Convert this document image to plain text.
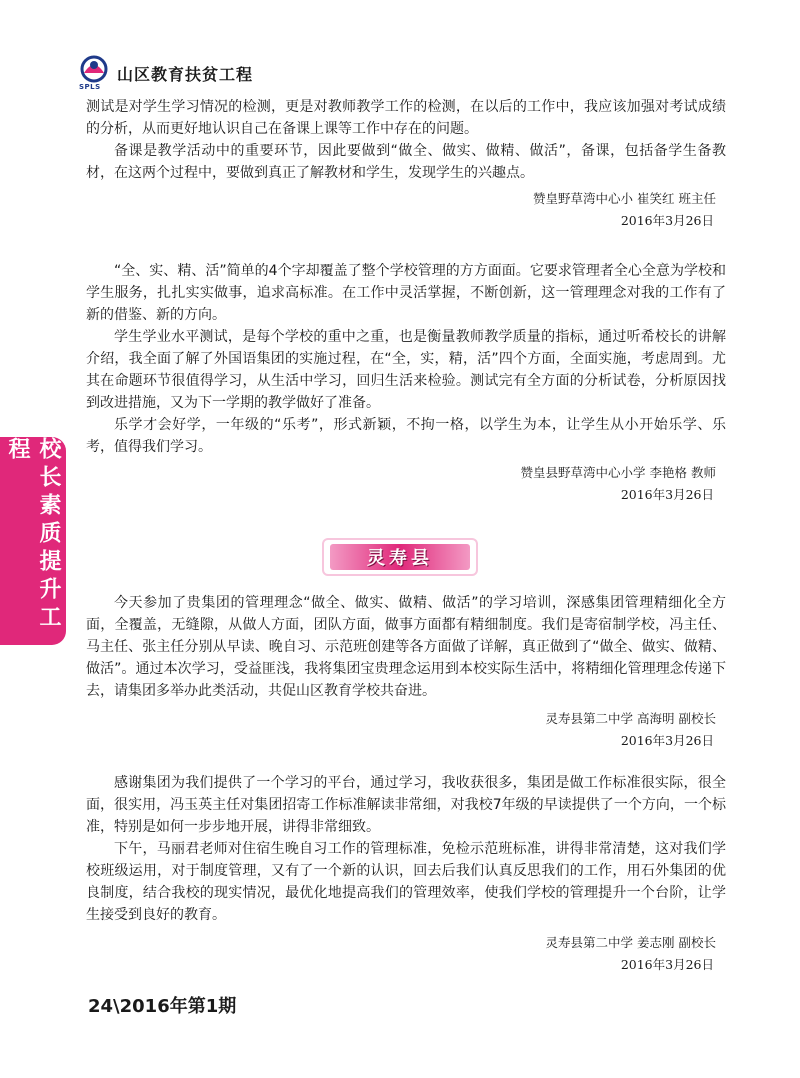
SPLS
山区教育扶贫工程
校长素质提升工程

测试是对学生学习情况的检测，更是对教师教学工作的检测，在以后的工作中，我应该加强对考试成绩的分析，从而更好地认识自己在备课上课等工作中存在的问题。

备课是教学活动中的重要环节，因此要做到“做全、做实、做精、做活”，备课，包括备学生备教材，在这两个过程中，要做到真正了解教材和学生，发现学生的兴趣点。

赞皇野草湾中心小 崔笑红 班主任
2016年3月26日

“全、实、精、活”简单的4个字却覆盖了整个学校管理的方方面面。它要求管理者全心全意为学校和学生服务，扎扎实实做事，追求高标准。在工作中灵活掌握，不断创新，这一管理理念对我的工作有了新的借鉴、新的方向。

学生学业水平测试，是每个学校的重中之重，也是衡量教师教学质量的指标，通过听希校长的讲解介绍，我全面了解了外国语集团的实施过程，在“全，实，精，活”四个方面，全面实施，考虑周到。尤其在命题环节很值得学习，从生活中学习，回归生活来检验。测试完有全方面的分析试卷，分析原因找到改进措施，又为下一学期的教学做好了准备。

乐学才会好学，一年级的“乐考”，形式新颖，不拘一格，以学生为本，让学生从小开始乐学、乐考，值得我们学习。

赞皇县野草湾中心小学 李艳格 教师
2016年3月26日
灵寿县

今天参加了贵集团的管理理念“做全、做实、做精、做活”的学习培训，深感集团管理精细化全方面，全覆盖，无缝隙，从做人方面，团队方面，做事方面都有精细制度。我们是寄宿制学校，冯主任、马主任、张主任分别从早读、晚自习、示范班创建等各方面做了详解，真正做到了“做全、做实、做精、做活”。通过本次学习，受益匪浅，我将集团宝贵理念运用到本校实际生活中，将精细化管理理念传递下去，请集团多举办此类活动，共促山区教育学校共奋进。

灵寿县第二中学 高海明 副校长
2016年3月26日

感谢集团为我们提供了一个学习的平台，通过学习，我收获很多，集团是做工作标准很实际，很全面，很实用，冯玉英主任对集团招寄工作标准解读非常细，对我校7年级的早读提供了一个方向，一个标准，特别是如何一步步地开展，讲得非常细致。

下午，马丽君老师对住宿生晚自习工作的管理标准，免检示范班标准，讲得非常清楚，这对我们学校班级运用，对于制度管理，又有了一个新的认识，回去后我们认真反思我们的工作，用石外集团的优良制度，结合我校的现实情况，最优化地提高我们的管理效率，使我们学校的管理提升一个台阶，让学生接受到良好的教育。

灵寿县第二中学 姜志刚 副校长
2016年3月26日
24\2016年第1期
